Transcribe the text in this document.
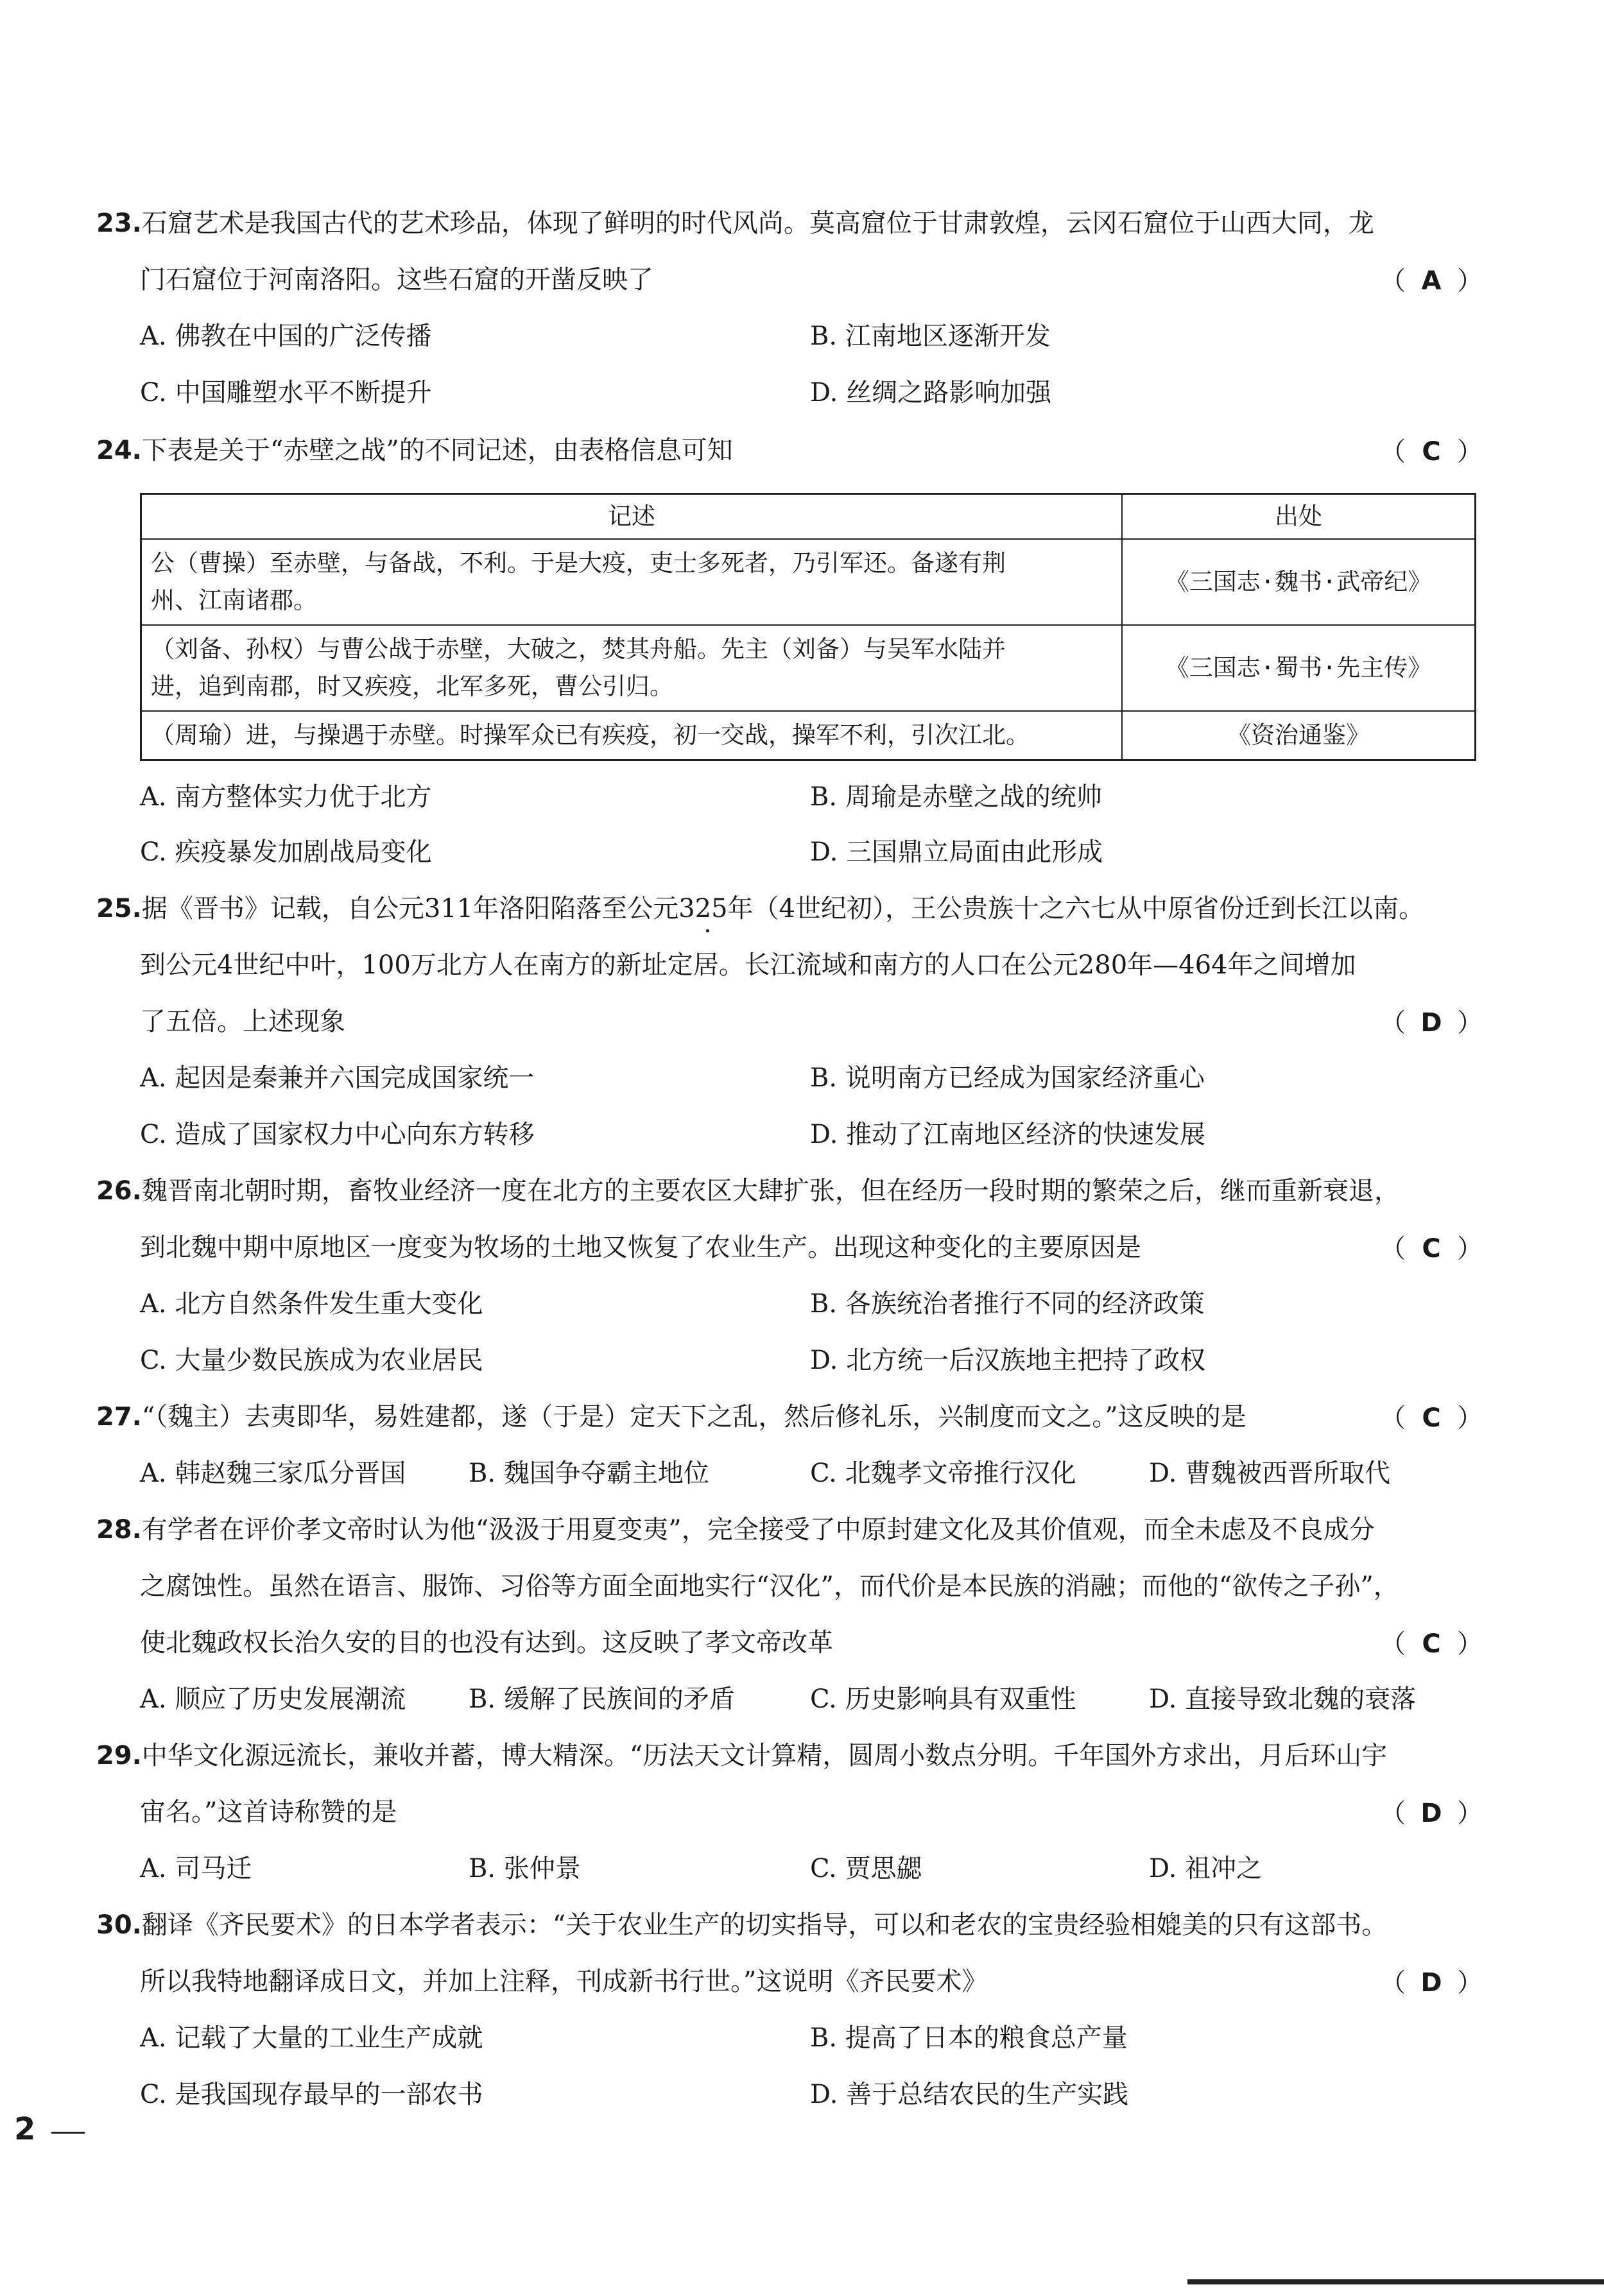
23.石窟艺术是我国古代的艺术珍品，体现了鲜明的时代风尚。莫高窟位于甘肃敦煌，云冈石窟位于山西大同，龙
门石窟位于河南洛阳。这些石窟的开凿反映了	（ A ）
A. 佛教在中国的广泛传播	B. 江南地区逐渐开发
C. 中国雕塑水平不断提升	D. 丝绸之路影响加强
24.下表是关于“赤壁之战”的不同记述，由表格信息可知	（ C ）
记述	出处

公（曹操）至赤壁，与备战，不利。于是大疫，吏士多死者，乃引军还。备遂有荆
州、江南诸郡。	《三国志·魏书·武帝纪》

（刘备、孙权）与曹公战于赤壁，大破之，焚其舟船。先主（刘备）与吴军水陆并
进，追到南郡，时又疾疫，北军多死，曹公引归。	《三国志·蜀书·先主传》

（周瑜）进，与操遇于赤壁。时操军众已有疾疫，初一交战，操军不利，引次江北。	《资治通鉴》
A. 南方整体实力优于北方	B. 周瑜是赤壁之战的统帅
C. 疾疫暴发加剧战局变化	D. 三国鼎立局面由此形成
25.据《晋书》记载，自公元311年洛阳陷落至公元325年（4世纪初），王公贵族十之六七从中原省份迁到长江以南。
到公元4世纪中叶，100万北方人在南方的新址定居。长江流域和南方的人口在公元280年—464年之间增加
了五倍。上述现象	（ D ）
A. 起因是秦兼并六国完成国家统一	B. 说明南方已经成为国家经济重心
C. 造成了国家权力中心向东方转移	D. 推动了江南地区经济的快速发展
26.魏晋南北朝时期，畜牧业经济一度在北方的主要农区大肆扩张，但在经历一段时期的繁荣之后，继而重新衰退，
到北魏中期中原地区一度变为牧场的土地又恢复了农业生产。出现这种变化的主要原因是	（ C ）
A. 北方自然条件发生重大变化	B. 各族统治者推行不同的经济政策
C. 大量少数民族成为农业居民	D. 北方统一后汉族地主把持了政权
27.“（魏主）去夷即华，易姓建都，遂（于是）定天下之乱，然后修礼乐，兴制度而文之。”这反映的是	（ C ）
A. 韩赵魏三家瓜分晋国 B. 魏国争夺霸主地位	C. 北魏孝文帝推行汉化	D. 曹魏被西晋所取代
28.有学者在评价孝文帝时认为他“汲汲于用夏变夷”，完全接受了中原封建文化及其价值观，而全未虑及不良成分
之腐蚀性。虽然在语言、服饰、习俗等方面全面地实行“汉化”，而代价是本民族的消融；而他的“欲传之子孙”，
使北魏政权长治久安的目的也没有达到。这反映了孝文帝改革	（ C ）
A. 顺应了历史发展潮流 B. 缓解了民族间的矛盾	C. 历史影响具有双重性	D. 直接导致北魏的衰落
29.中华文化源远流长，兼收并蓄，博大精深。“历法天文计算精，圆周小数点分明。千年国外方求出，月后环山宇
宙名。”这首诗称赞的是	（ D ）
A. 司马迁	B. 张仲景	C. 贾思勰	D. 祖冲之
30.翻译《齐民要术》的日本学者表示：“关于农业生产的切实指导，可以和老农的宝贵经验相媲美的只有这部书。
所以我特地翻译成日文，并加上注释，刊成新书行世。”这说明《齐民要术》	（ D ）
A. 记载了大量的工业生产成就	B. 提高了日本的粮食总产量
C. 是我国现存最早的一部农书	D. 善于总结农民的生产实践
2
